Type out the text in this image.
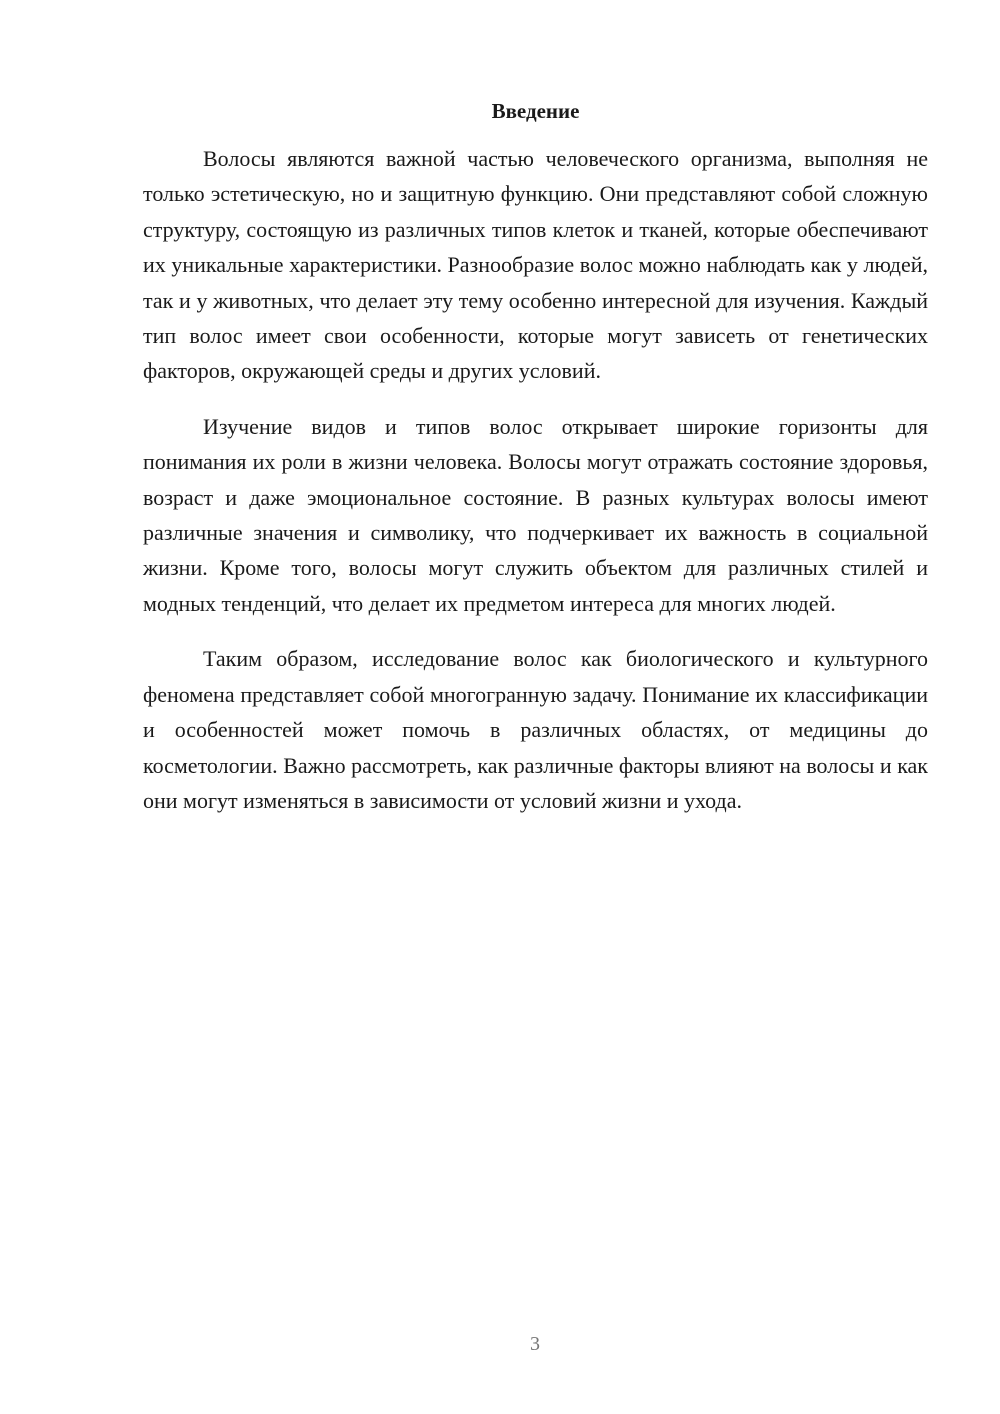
Введение

Волосы являются важной частью человеческого организма, выполняя не только эстетическую, но и защитную функцию. Они представляют собой сложную структуру, состоящую из различных типов клеток и тканей, которые обеспечивают их уникальные характеристики. Разнообразие волос можно наблюдать как у людей, так и у животных, что делает эту тему особенно интересной для изучения. Каждый тип волос имеет свои особенности, которые могут зависеть от генетических факторов, окружающей среды и других условий.

Изучение видов и типов волос открывает широкие горизонты для понимания их роли в жизни человека. Волосы могут отражать состояние здоровья, возраст и даже эмоциональное состояние. В разных культурах волосы имеют различные значения и символику, что подчеркивает их важность в социальной жизни. Кроме того, волосы могут служить объектом для различных стилей и модных тенденций, что делает их предметом интереса для многих людей.

Таким образом, исследование волос как биологического и культурного феномена представляет собой многогранную задачу. Понимание их классификации и особенностей может помочь в различных областях, от медицины до косметологии. Важно рассмотреть, как различные факторы влияют на волосы и как они могут изменяться в зависимости от условий жизни и ухода.

3
